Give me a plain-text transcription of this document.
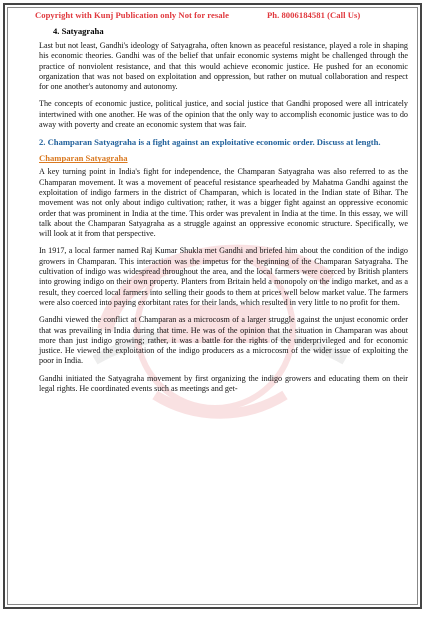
Copyright with Kunj Publication only Not for resale	Ph. 8006184581 (Call Us)
4. Satyagraha

Last but not least, Gandhi's ideology of Satyagraha, often known as peaceful resistance, played a role in shaping his economic theories. Gandhi was of the belief that unfair economic systems might be challenged through the practice of nonviolent resistance, and that this would achieve economic justice. He pushed for an economic organization that was not based on exploitation and oppression, but rather on mutual collaboration and respect for one another's autonomy and autonomy.

The concepts of economic justice, political justice, and social justice that Gandhi proposed were all intricately intertwined with one another. He was of the opinion that the only way to accomplish economic justice was to do away with poverty and create an economic system that was fair.

2. Champaran Satyagraha is a fight against an exploitative economic order. Discuss at length.
Champaran Satyagraha

A key turning point in India's fight for independence, the Champaran Satyagraha was also referred to as the Champaran movement. It was a movement of peaceful resistance spearheaded by Mahatma Gandhi against the exploitation of indigo farmers in the district of Champaran, which is located in the Indian state of Bihar. The movement was not only about indigo cultivation; rather, it was a bigger fight against an oppressive economic order that was prominent in India at the time. This order was prevalent in India at the time. In this essay, we will talk about the Champaran Satyagraha as a struggle against an oppressive economic structure. Specifically, we will look at it from that perspective.

In 1917, a local farmer named Raj Kumar Shukla met Gandhi and briefed him about the condition of the indigo growers in Champaran. This interaction was the impetus for the beginning of the Champaran Satyagraha. The cultivation of indigo was widespread throughout the area, and the local farmers were coerced by British planters into growing indigo on their own property. Planters from Britain held a monopoly on the indigo market, and as a result, they coerced local farmers into selling their goods to them at prices well below market value. The farmers were also coerced into paying exorbitant rates for their lands, which resulted in very little to no profit for them.

Gandhi viewed the conflict at Champaran as a microcosm of a larger struggle against the unjust economic order that was prevailing in India during that time. He was of the opinion that the situation in Champaran was about more than just indigo growing; rather, it was a battle for the rights of the underprivileged and for economic justice. He viewed the exploitation of the indigo producers as a microcosm of the wider issue of exploiting the poor in India.

Gandhi initiated the Satyagraha movement by first organizing the indigo growers and educating them on their legal rights. He coordinated events such as meetings and get-
